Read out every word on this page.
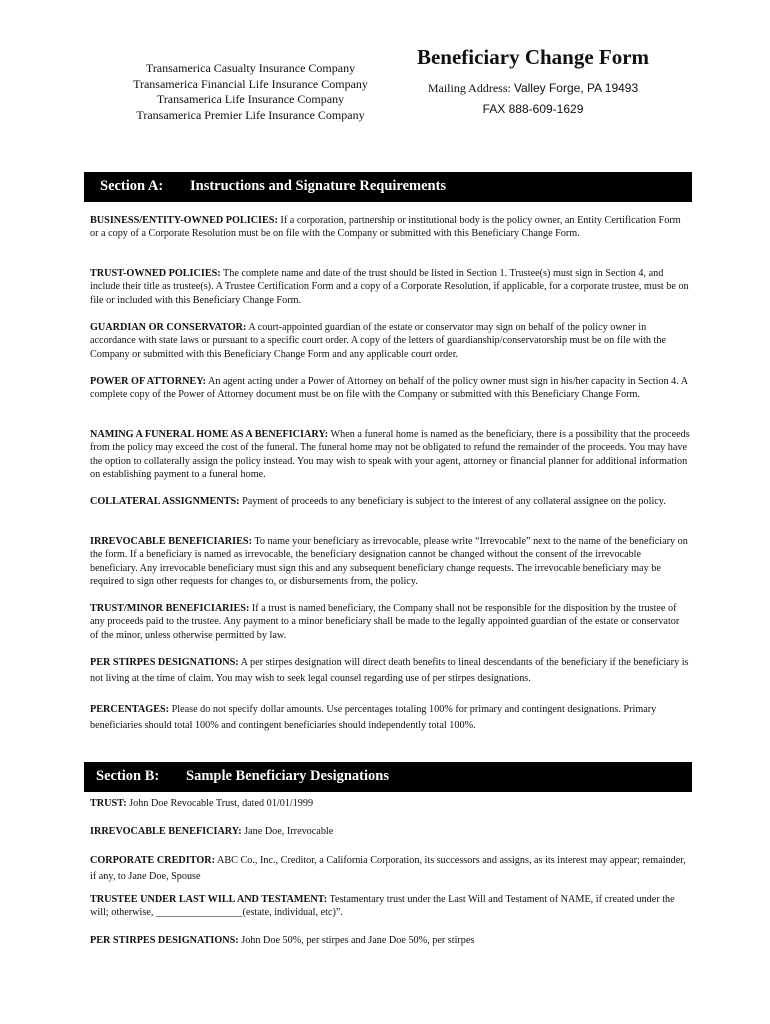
Transamerica Casualty Insurance Company
Transamerica Financial Life Insurance Company
Transamerica Life Insurance Company
Transamerica Premier Life Insurance Company
Beneficiary Change Form
Mailing Address: Valley Forge, PA 19493
FAX 888-609-1629
Section A: Instructions and Signature Requirements
BUSINESS/ENTITY-OWNED POLICIES: If a corporation, partnership or institutional body is the policy owner, an Entity Certification Form or a copy of a Corporate Resolution must be on file with the Company or submitted with this Beneficiary Change Form.
TRUST-OWNED POLICIES: The complete name and date of the trust should be listed in Section 1. Trustee(s) must sign in Section 4, and include their title as trustee(s). A Trustee Certification Form and a copy of a Corporate Resolution, if applicable, for a corporate trustee, must be on file or included with this Beneficiary Change Form.
GUARDIAN OR CONSERVATOR: A court-appointed guardian of the estate or conservator may sign on behalf of the policy owner in accordance with state laws or pursuant to a specific court order. A copy of the letters of guardianship/conservatorship must be on file with the Company or submitted with this Beneficiary Change Form and any applicable court order.
POWER OF ATTORNEY: An agent acting under a Power of Attorney on behalf of the policy owner must sign in his/her capacity in Section 4. A complete copy of the Power of Attorney document must be on file with the Company or submitted with this Beneficiary Change Form.
NAMING A FUNERAL HOME AS A BENEFICIARY: When a funeral home is named as the beneficiary, there is a possibility that the proceeds from the policy may exceed the cost of the funeral. The funeral home may not be obligated to refund the remainder of the proceeds. You may have the option to collaterally assign the policy instead. You may wish to speak with your agent, attorney or financial planner for additional information on establishing payment to a funeral home.
COLLATERAL ASSIGNMENTS: Payment of proceeds to any beneficiary is subject to the interest of any collateral assignee on the policy.
IRREVOCABLE BENEFICIARIES: To name your beneficiary as irrevocable, please write “Irrevocable” next to the name of the beneficiary on the form. If a beneficiary is named as irrevocable, the beneficiary designation cannot be changed without the consent of the irrevocable beneficiary. Any irrevocable beneficiary must sign this and any subsequent beneficiary change requests. The irrevocable beneficiary may be required to sign other requests for changes to, or disbursements from, the policy.
TRUST/MINOR BENEFICIARIES: If a trust is named beneficiary, the Company shall not be responsible for the disposition by the trustee of any proceeds paid to the trustee. Any payment to a minor beneficiary shall be made to the legally appointed guardian of the estate or conservator of the minor, unless otherwise permitted by law.
PER STIRPES DESIGNATIONS: A per stirpes designation will direct death benefits to lineal descendants of the beneficiary if the beneficiary is not living at the time of claim. You may wish to seek legal counsel regarding use of per stirpes designations.
PERCENTAGES: Please do not specify dollar amounts. Use percentages totaling 100% for primary and contingent designations. Primary beneficiaries should total 100% and contingent beneficiaries should independently total 100%.
Section B: Sample Beneficiary Designations
TRUST: John Doe Revocable Trust, dated 01/01/1999
IRREVOCABLE BENEFICIARY: Jane Doe, Irrevocable
CORPORATE CREDITOR: ABC Co., Inc., Creditor, a California Corporation, its successors and assigns, as its interest may appear; remainder, if any, to Jane Doe, Spouse
TRUSTEE UNDER LAST WILL AND TESTAMENT: Testamentary trust under the Last Will and Testament of NAME, if created under the will; otherwise, _________________(estate, individual, etc)”.
PER STIRPES DESIGNATIONS: John Doe 50%, per stirpes and Jane Doe 50%, per stirpes
